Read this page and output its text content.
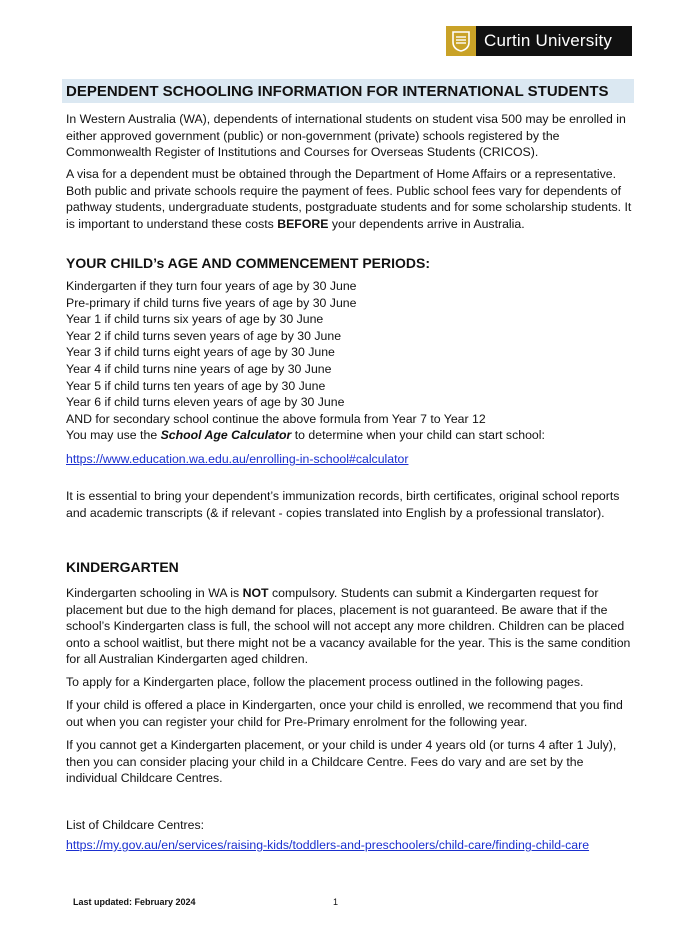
Curtin University
DEPENDENT SCHOOLING INFORMATION FOR INTERNATIONAL STUDENTS

In Western Australia (WA), dependents of international students on student visa 500 may be enrolled in either approved government (public) or non-government (private) schools registered by the Commonwealth Register of Institutions and Courses for Overseas Students (CRICOS).

A visa for a dependent must be obtained through the Department of Home Affairs or a representative. Both public and private schools require the payment of fees. Public school fees vary for dependents of pathway students, undergraduate students, postgraduate students and for some scholarship students. It is important to understand these costs BEFORE your dependents arrive in Australia.

YOUR CHILD’s AGE AND COMMENCEMENT PERIODS:
Kindergarten if they turn four years of age by 30 June
Pre-primary if child turns five years of age by 30 June
Year 1 if child turns six years of age by 30 June
Year 2 if child turns seven years of age by 30 June
Year 3 if child turns eight years of age by 30 June
Year 4 if child turns nine years of age by 30 June
Year 5 if child turns ten years of age by 30 June
Year 6 if child turns eleven years of age by 30 June
AND for secondary school continue the above formula from Year 7 to Year 12
You may use the School Age Calculator to determine when your child can start school:

https://www.education.wa.edu.au/enrolling-in-school#calculator

It is essential to bring your dependent’s immunization records, birth certificates, original school reports and academic transcripts (& if relevant - copies translated into English by a professional translator).

KINDERGARTEN

Kindergarten schooling in WA is NOT compulsory. Students can submit a Kindergarten request for placement but due to the high demand for places, placement is not guaranteed. Be aware that if the school’s Kindergarten class is full, the school will not accept any more children. Children can be placed onto a school waitlist, but there might not be a vacancy available for the year. This is the same condition for all Australian Kindergarten aged children.

To apply for a Kindergarten place, follow the placement process outlined in the following pages.

If your child is offered a place in Kindergarten, once your child is enrolled, we recommend that you find out when you can register your child for Pre-Primary enrolment for the following year.

If you cannot get a Kindergarten placement, or your child is under 4 years old (or turns 4 after 1 July), then you can consider placing your child in a Childcare Centre. Fees do vary and are set by the individual Childcare Centres.

List of Childcare Centres:

https://my.gov.au/en/services/raising-kids/toddlers-and-preschoolers/child-care/finding-child-care

Last updated: February 2024	1
